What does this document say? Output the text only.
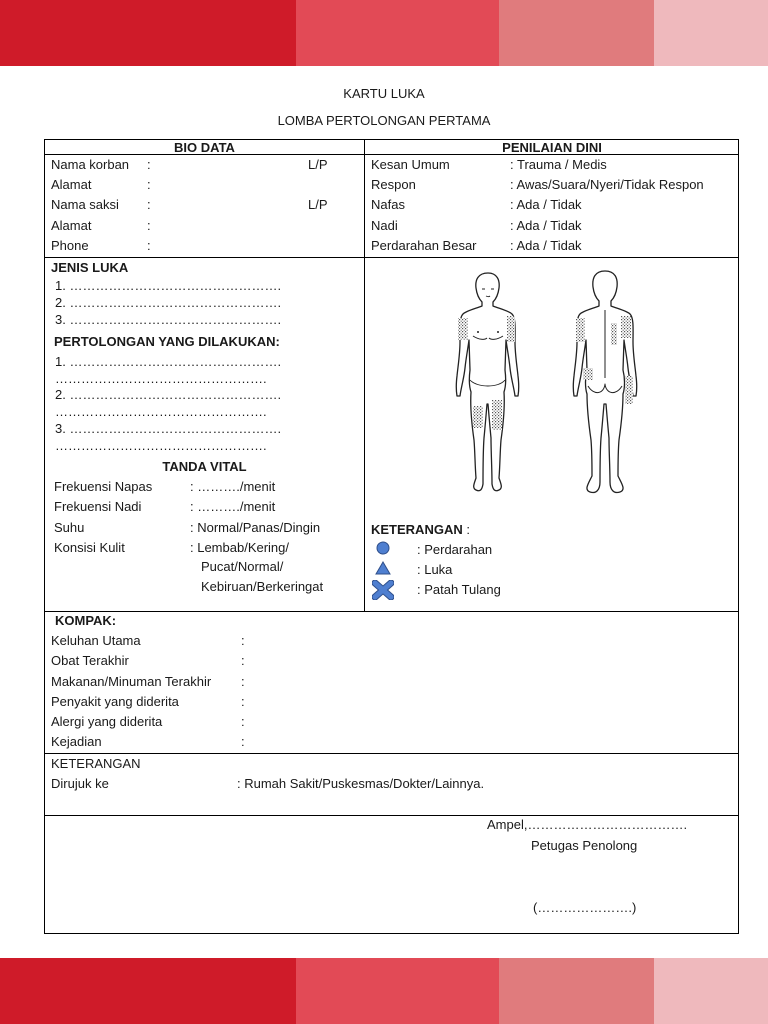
KARTU LUKA
LOMBA PERTOLONGAN PERTAMA
BIO DATA	PENILAIAN DINI
Nama korban :	L/P
Alamat	:
Nama saksi :	L/P
Alamat	:
Phone	:
Kesan Umum	: Trauma / Medis
Respon	: Awas/Suara/Nyeri/Tidak Respon
Nafas	: Ada / Tidak
Nadi	: Ada / Tidak
Perdarahan Besar	: Ada / Tidak
JENIS LUKA
1. ………………………………………….
2. ………………………………………….
3. ………………………………………….
PERTOLONGAN YANG DILAKUKAN:
1. ………………………………………….
………………………………………….
2. ………………………………………….
………………………………………….
3. ………………………………………….
………………………………………….
TANDA VITAL
Frekuensi Napas	: ………./menit
Frekuensi Nadi	: ………./menit
Suhu	: Normal/Panas/Dingin
Konsisi Kulit	: Lembab/Kering/
Pucat/Normal/
Kebiruan/Berkeringat
KETERANGAN :
: Perdarahan
: Luka
: Patah Tulang
KOMPAK:
Keluhan Utama	:
Obat Terakhir	:
Makanan/Minuman Terakhir :
Penyakit yang diderita	:
Alergi yang diderita	:
Kejadian	:
KETERANGAN
Dirujuk ke	: Rumah Sakit/Puskesmas/Dokter/Lainnya.
Ampel,……………………………….
Petugas Penolong
(………………….)
